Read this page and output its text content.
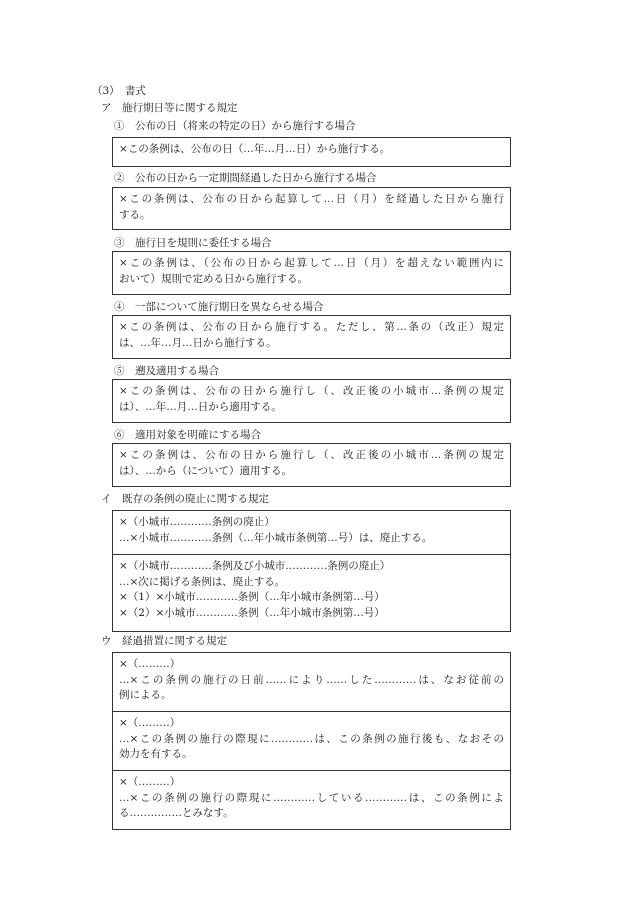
（3）　書式
ア　施行期日等に関する規定
①　公布の日（将来の特定の日）から施行する場合
×この条例は、公布の日（…年…月…日）から施行する。
②　公布の日から一定期間経過した日から施行する場合
×この条例は、公布の日から起算して…日（月）を経過した日から施行
する。
③　施行日を規則に委任する場合
×この条例は、（公布の日から起算して…日（月）を超えない範囲内に
おいて）規則で定める日から施行する。
④　一部について施行期日を異ならせる場合
×この条例は、公布の日から施行する。ただし、第…条の（改正）規定
は、…年…月…日から施行する。
⑤　遡及適用する場合
×この条例は、公布の日から施行し（、改正後の小城市…条例の規定
は）、…年…月…日から適用する。
⑥　適用対象を明確にする場合
×この条例は、公布の日から施行し（、改正後の小城市…条例の規定
は）、…から（について）適用する。
イ　既存の条例の廃止に関する規定
×（小城市…………条例の廃止）
…×小城市…………条例（…年小城市条例第…号）は、廃止する。
×（小城市…………条例及び小城市…………条例の廃止）
…×次に掲げる条例は、廃止する。
×（1）×小城市…………条例（…年小城市条例第…号）
×（2）×小城市…………条例（…年小城市条例第…号）
ウ　経過措置に関する規定
×（………）
…×この条例の施行の日前……により……した…………は、なお従前の
例による。
×（………）
…×この条例の施行の際現に…………は、この条例の施行後も、なおその
効力を有する。
×（………）
…×この条例の施行の際現に…………している…………は、この条例によ
る……………とみなす。
